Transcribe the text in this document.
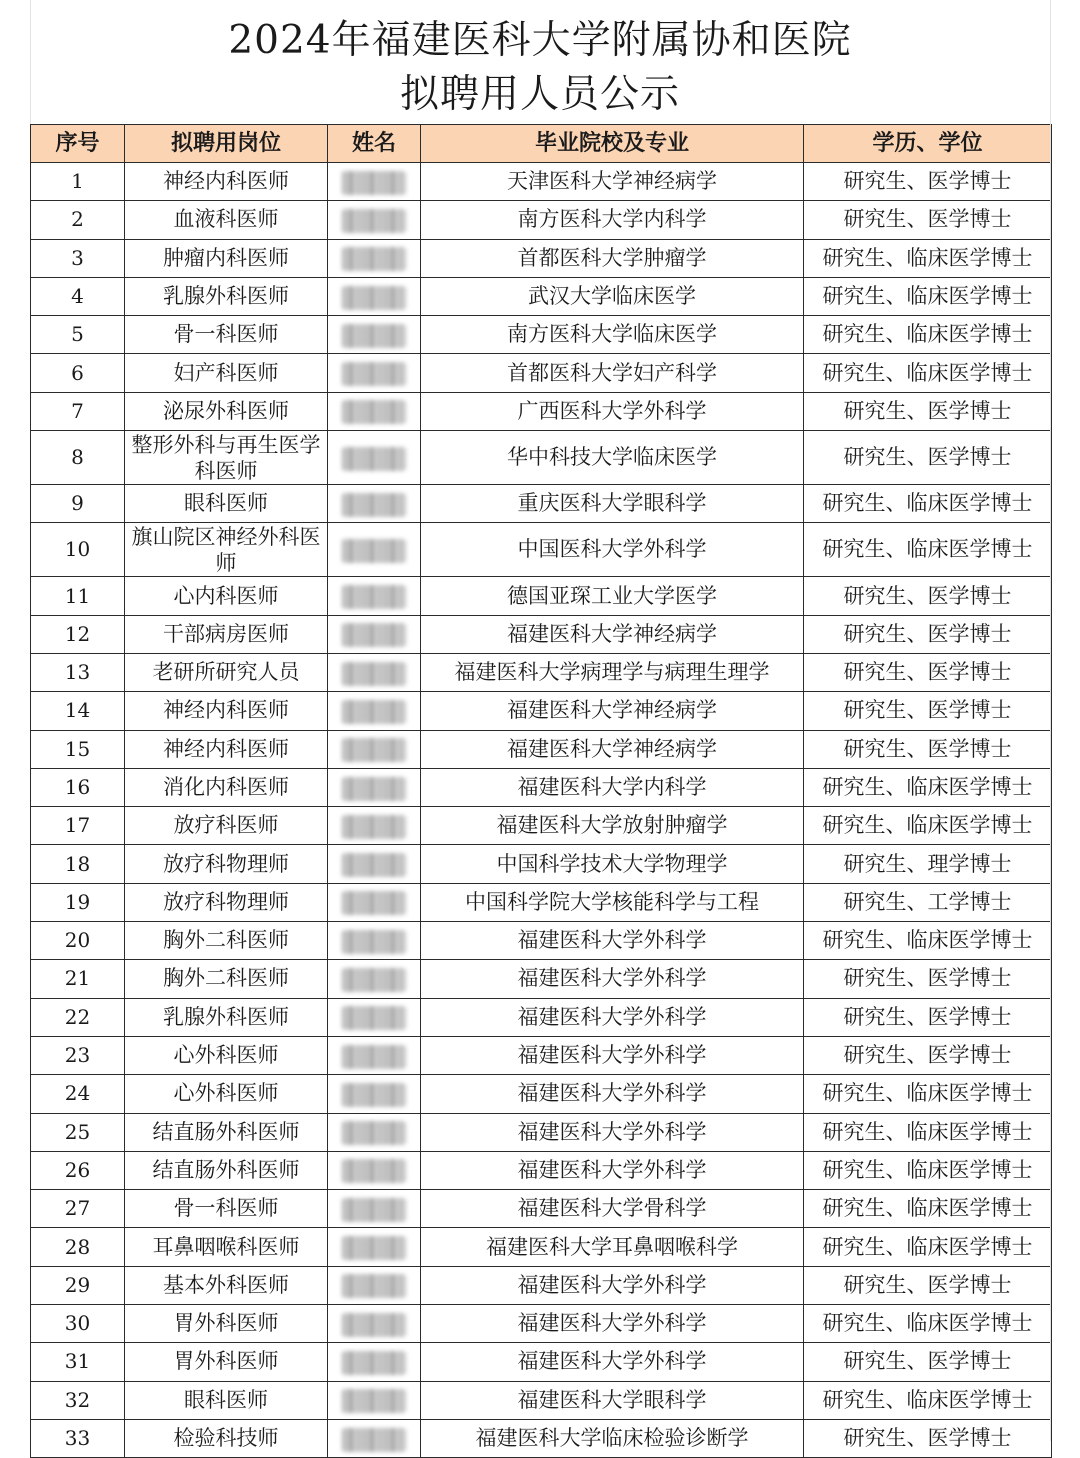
2024年福建医科大学附属协和医院
拟聘用人员公示
序号	拟聘用岗位	姓名	毕业院校及专业	学历、学位
1	神经内科医师		天津医科大学神经病学	研究生、医学博士
2	血液科医师		南方医科大学内科学	研究生、医学博士
3	肿瘤内科医师		首都医科大学肿瘤学	研究生、临床医学博士
4	乳腺外科医师		武汉大学临床医学	研究生、临床医学博士
5	骨一科医师		南方医科大学临床医学	研究生、临床医学博士
6	妇产科医师		首都医科大学妇产科学	研究生、临床医学博士
7	泌尿外科医师		广西医科大学外科学	研究生、医学博士
8	整形外科与再生医学科医师		华中科技大学临床医学	研究生、医学博士
9	眼科医师		重庆医科大学眼科学	研究生、临床医学博士
10	旗山院区神经外科医师		中国医科大学外科学	研究生、临床医学博士
11	心内科医师		德国亚琛工业大学医学	研究生、医学博士
12	干部病房医师		福建医科大学神经病学	研究生、医学博士
13	老研所研究人员		福建医科大学病理学与病理生理学	研究生、医学博士
14	神经内科医师		福建医科大学神经病学	研究生、医学博士
15	神经内科医师		福建医科大学神经病学	研究生、医学博士
16	消化内科医师		福建医科大学内科学	研究生、临床医学博士
17	放疗科医师		福建医科大学放射肿瘤学	研究生、临床医学博士
18	放疗科物理师		中国科学技术大学物理学	研究生、理学博士
19	放疗科物理师		中国科学院大学核能科学与工程	研究生、工学博士
20	胸外二科医师		福建医科大学外科学	研究生、临床医学博士
21	胸外二科医师		福建医科大学外科学	研究生、医学博士
22	乳腺外科医师		福建医科大学外科学	研究生、医学博士
23	心外科医师		福建医科大学外科学	研究生、医学博士
24	心外科医师		福建医科大学外科学	研究生、临床医学博士
25	结直肠外科医师		福建医科大学外科学	研究生、临床医学博士
26	结直肠外科医师		福建医科大学外科学	研究生、临床医学博士
27	骨一科医师		福建医科大学骨科学	研究生、临床医学博士
28	耳鼻咽喉科医师		福建医科大学耳鼻咽喉科学	研究生、临床医学博士
29	基本外科医师		福建医科大学外科学	研究生、医学博士
30	胃外科医师		福建医科大学外科学	研究生、临床医学博士
31	胃外科医师		福建医科大学外科学	研究生、医学博士
32	眼科医师		福建医科大学眼科学	研究生、临床医学博士
33	检验科技师		福建医科大学临床检验诊断学	研究生、医学博士
